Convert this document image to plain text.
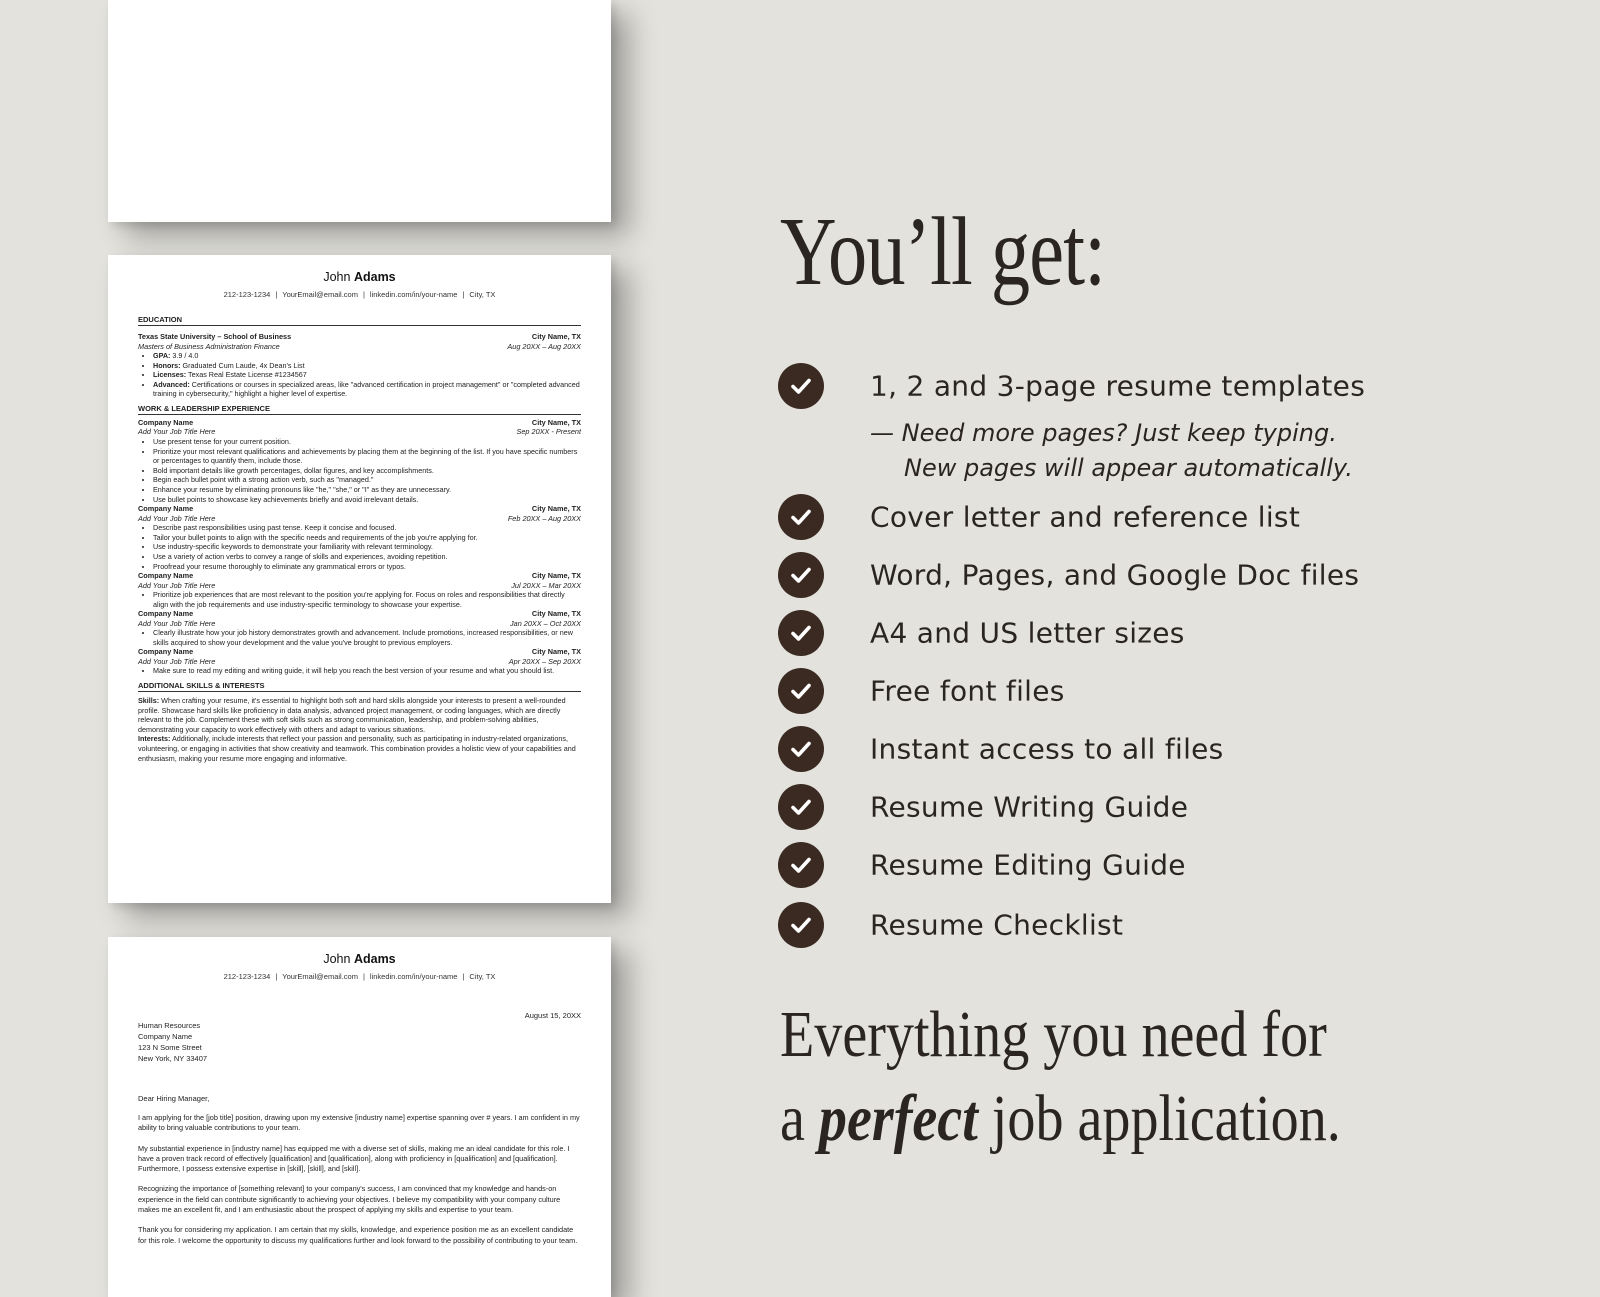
John Adams
212-123-1234 | YourEmail@email.com | linkedin.com/in/your-name | City, TX
EDUCATION
Texas State University – School of Business	City Name, TX
Masters of Business Administration Finance	Aug 20XX – Aug 20XX
• GPA: 3.9 / 4.0
• Honors: Graduated Cum Laude, 4x Dean's List
• Licenses: Texas Real Estate License #1234567
• Advanced: Certifications or courses in specialized areas, like "advanced certification in project management" or "completed advanced training in cybersecurity," highlight a higher level of expertise.
WORK & LEADERSHIP EXPERIENCE
Company Name	City Name, TX
Add Your Job Title Here	Sep 20XX - Present
• Use present tense for your current position.
• Prioritize your most relevant qualifications and achievements by placing them at the beginning of the list. If you have specific numbers or percentages to quantify them, include those.
• Bold important details like growth percentages, dollar figures, and key accomplishments.
• Begin each bullet point with a strong action verb, such as "managed."
• Enhance your resume by eliminating pronouns like "he," "she," or "I" as they are unnecessary.
• Use bullet points to showcase key achievements briefly and avoid irrelevant details.
Company Name	City Name, TX
Add Your Job Title Here	Feb 20XX – Aug 20XX
• Describe past responsibilities using past tense. Keep it concise and focused.
• Tailor your bullet points to align with the specific needs and requirements of the job you're applying for.
• Use industry-specific keywords to demonstrate your familiarity with relevant terminology.
• Use a variety of action verbs to convey a range of skills and experiences, avoiding repetition.
• Proofread your resume thoroughly to eliminate any grammatical errors or typos.
Company Name	City Name, TX
Add Your Job Title Here	Jul 20XX – Mar 20XX
• Prioritize job experiences that are most relevant to the position you're applying for. Focus on roles and responsibilities that directly align with the job requirements and use industry-specific terminology to showcase your expertise.
Company Name	City Name, TX
Add Your Job Title Here	Jan 20XX – Oct 20XX
• Clearly illustrate how your job history demonstrates growth and advancement. Include promotions, increased responsibilities, or new skills acquired to show your development and the value you've brought to previous employers.
Company Name	City Name, TX
Add Your Job Title Here	Apr 20XX – Sep 20XX
• Make sure to read my editing and writing guide, it will help you reach the best version of your resume and what you should list.
ADDITIONAL SKILLS & INTERESTS
Skills: When crafting your resume, it's essential to highlight both soft and hard skills alongside your interests to present a well-rounded profile. Showcase hard skills like proficiency in data analysis, advanced project management, or coding languages, which are directly relevant to the job. Complement these with soft skills such as strong communication, leadership, and problem-solving abilities, demonstrating your capacity to work effectively with others and adapt to various situations.
Interests: Additionally, include interests that reflect your passion and personality, such as participating in industry-related organizations, volunteering, or engaging in activities that show creativity and teamwork. This combination provides a holistic view of your capabilities and enthusiasm, making your resume more engaging and informative.
John Adams
212-123-1234 | YourEmail@email.com | linkedin.com/in/your-name | City, TX
August 15, 20XX
Human Resources
Company Name
123 N Some Street
New York, NY 33407
Dear Hiring Manager,
I am applying for the [job title] position, drawing upon my extensive [industry name] expertise spanning over # years. I am confident in my ability to bring valuable contributions to your team.
My substantial experience in [industry name] has equipped me with a diverse set of skills, making me an ideal candidate for this role. I have a proven track record of effectively [qualification] and [qualification], along with proficiency in [qualification] and [qualification]. Furthermore, I possess extensive expertise in [skill], [skill], and [skill].
Recognizing the importance of [something relevant] to your company's success, I am convinced that my knowledge and hands-on experience in the field can contribute significantly to achieving your objectives. I believe my compatibility with your company culture makes me an excellent fit, and I am enthusiastic about the prospect of applying my skills and expertise to your team.
Thank you for considering my application. I am certain that my skills, knowledge, and experience position me as an excellent candidate for this role. I welcome the opportunity to discuss my qualifications further and look forward to the possibility of contributing to your team.
You’ll get:
1, 2 and 3-page resume templates
Cover letter and reference list
Word, Pages, and Google Doc files
A4 and US letter sizes
Free font files
Instant access to all files
Resume Writing Guide
Resume Editing Guide
Resume Checklist
— Need more pages? Just keep typing.
New pages will appear automatically.
Everything you need for
a perfect job application.
